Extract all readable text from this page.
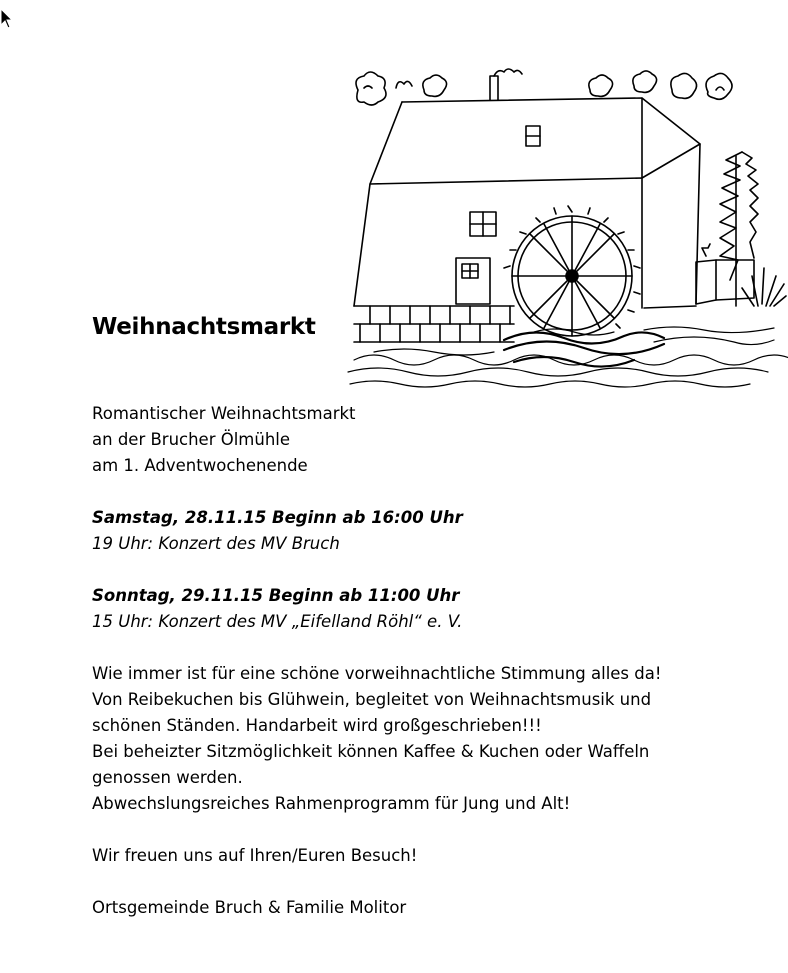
Weihnachtsmarkt
Romantischer Weihnachtsmarkt
an der Brucher Ölmühle
am 1. Adventwochenende
Samstag, 28.11.15 Beginn ab 16:00 Uhr
19 Uhr: Konzert des MV Bruch
Sonntag, 29.11.15 Beginn ab 11:00 Uhr
15 Uhr: Konzert des MV „Eifelland Röhl“ e. V.
Wie immer ist für eine schöne vorweihnachtliche Stimmung alles da!
Von Reibekuchen bis Glühwein, begleitet von Weihnachtsmusik und
schönen Ständen. Handarbeit wird großgeschrieben!!!
Bei beheizter Sitzmöglichkeit können Kaffee & Kuchen oder Waffeln
genossen werden.
Abwechslungsreiches Rahmenprogramm für Jung und Alt!
Wir freuen uns auf Ihren/Euren Besuch!
Ortsgemeinde Bruch & Familie Molitor
